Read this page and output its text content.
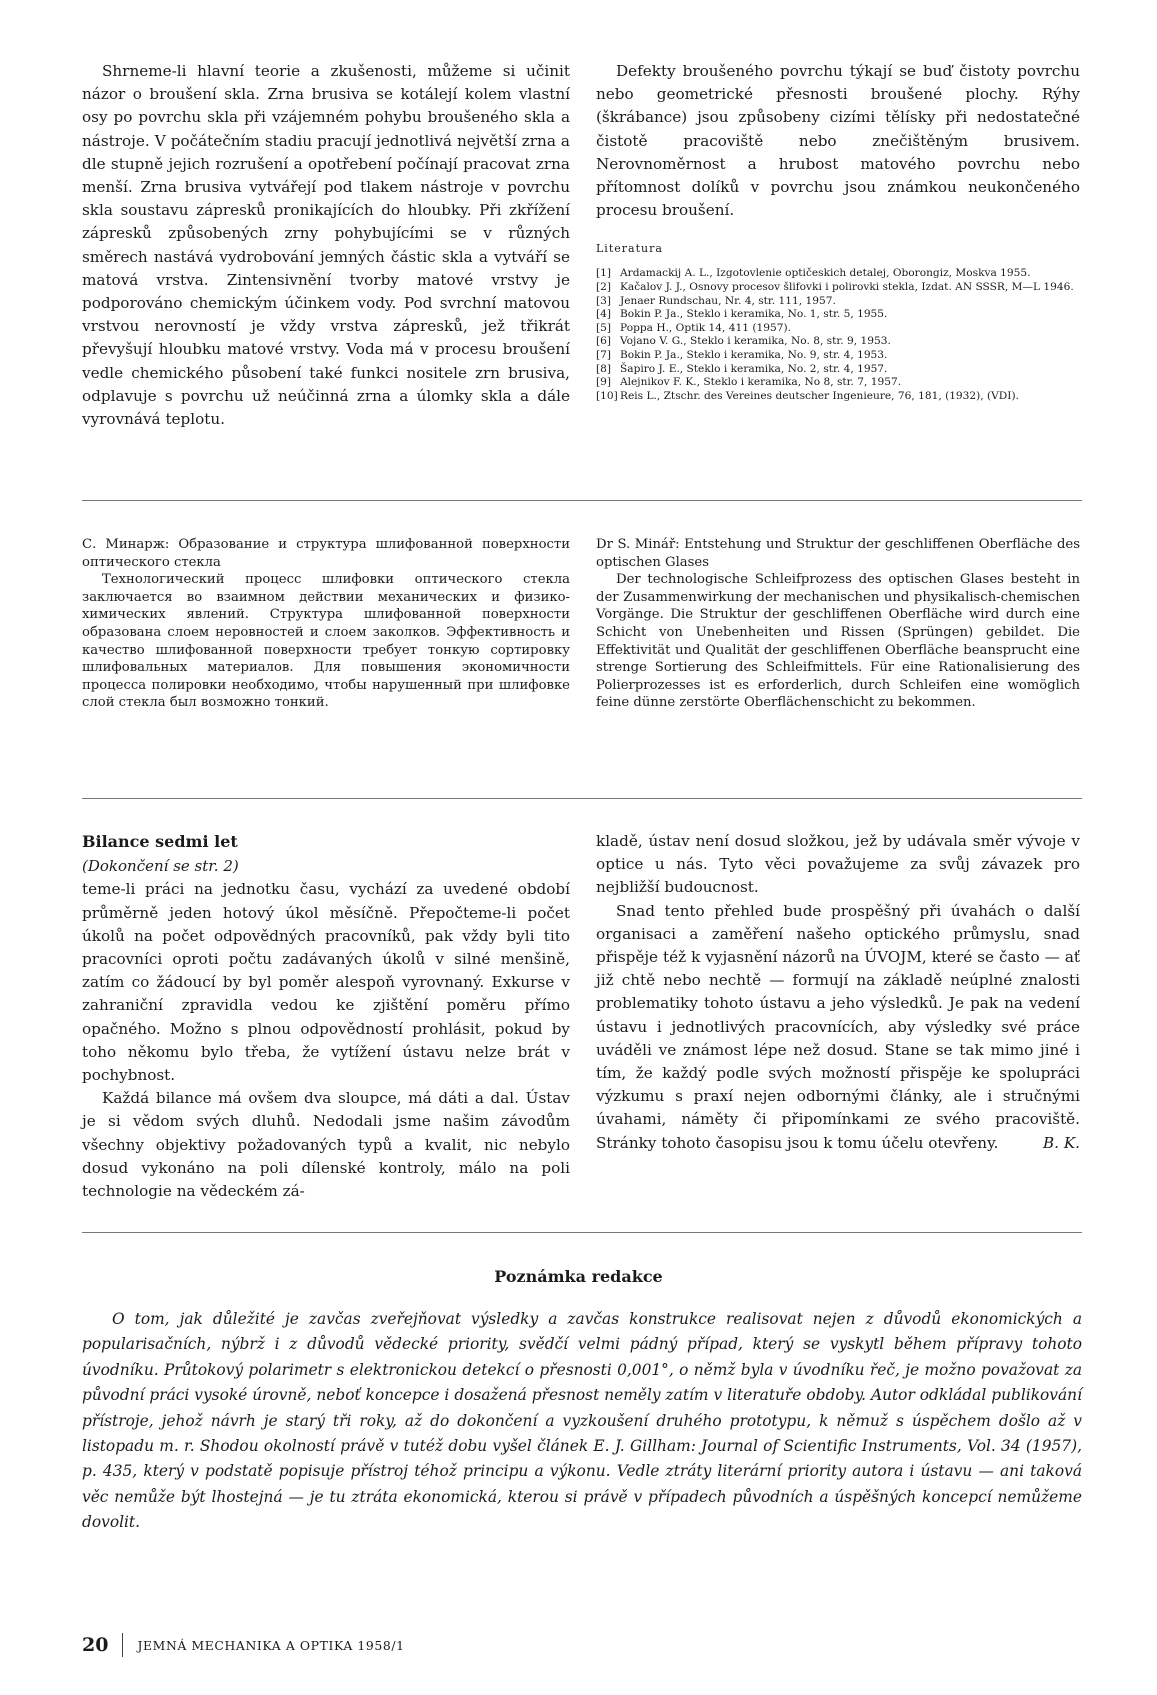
Shrneme-li hlavní teorie a zkušenosti, můžeme si učinit názor o broušení skla. Zrna brusiva se kotálejí kolem vlastní osy po povrchu skla při vzájemném pohybu broušeného skla a nástroje. V počátečním stadiu pracují jednotlivá největší zrna a dle stupně jejich rozrušení a opotřebení počínají pracovat zrna menší. Zrna brusiva vytvářejí pod tlakem nástroje v povrchu skla soustavu zápresků pronikajících do hloubky. Při zkřížení zápresků způsobených zrny pohybujícími se v různých směrech nastává vydrobování jemných částic skla a vytváří se matová vrstva. Zintensivnění tvorby matové vrstvy je podporováno chemickým účinkem vody. Pod svrchní matovou vrstvou nerovností je vždy vrstva zápresků, jež třikrát převyšují hloubku matové vrstvy. Voda má v procesu broušení vedle chemického působení také funkci nositele zrn brusiva, odplavuje s povrchu už neúčinná zrna a úlomky skla a dále vyrovnává teplotu.

Defekty broušeného povrchu týkají se buď čistoty povrchu nebo geometrické přesnosti broušené plochy. Rýhy (škrábance) jsou způsobeny cizími tělísky při nedostatečné čistotě pracoviště nebo znečištěným brusivem. Nerovnoměrnost a hrubost matového povrchu nebo přítomnost dolíků v povrchu jsou známkou neukončeného procesu broušení.

Literatura
[1] Ardamackij A. L., Izgotovlenie optičeskich detalej, Oborongiz, Moskva 1955.
[2] Kačalov J. J., Osnovy procesov šlifovki i polirovki stekla, Izdat. AN SSSR, M—L 1946.
[3] Jenaer Rundschau, Nr. 4, str. 111, 1957.
[4] Bokin P. Ja., Steklo i keramika, No. 1, str. 5, 1955.
[5] Poppa H., Optik 14, 411 (1957).
[6] Vojano V. G., Steklo i keramika, No. 8, str. 9, 1953.
[7] Bokin P. Ja., Steklo i keramika, No. 9, str. 4, 1953.
[8] Šapiro J. E., Steklo i keramika, No. 2, str. 4, 1957.
[9] Alejnikov F. K., Steklo i keramika, No 8, str. 7, 1957.
[10] Reis L., Ztschr. des Vereines deutscher Ingenieure, 76, 181, (1932), (VDI).

С. Минарж: Образование и структура шлифованной поверхности оптического стекла

Технологический процесс шлифовки оптического стекла заключается во взаимном действии механических и физико-химических явлений. Структура шлифованной поверхности образована слоем неровностей и слоем заколков. Эффективность и качество шлифованной поверхности требует тонкую сортировку шлифовальных материалов. Для повышения экономичности процесса полировки необходимо, чтобы нарушенный при шлифовке слой стекла был возможно тонкий.

Dr S. Minář: Entstehung und Struktur der geschliffenen Oberfläche des optischen Glases

Der technologische Schleifprozess des optischen Glases besteht in der Zusammenwirkung der mechanischen und physikalisch-chemischen Vorgänge. Die Struktur der geschliffenen Oberfläche wird durch eine Schicht von Unebenheiten und Rissen (Sprüngen) gebildet. Die Effektivität und Qualität der geschliffenen Oberfläche beansprucht eine strenge Sortierung des Schleifmittels. Für eine Rationalisierung des Polierprozesses ist es erforderlich, durch Schleifen eine womöglich feine dünne zerstörte Oberflächenschicht zu bekommen.

Bilance sedmi let

(Dokončení se str. 2)

teme-li práci na jednotku času, vychází za uvedené období průměrně jeden hotový úkol měsíčně. Přepočteme-li počet úkolů na počet odpovědných pracovníků, pak vždy byli tito pracovníci oproti počtu zadávaných úkolů v silné menšině, zatím co žádoucí by byl poměr alespoň vyrovnaný. Exkurse v zahraniční zpravidla vedou ke zjištění poměru přímo opačného. Možno s plnou odpovědností prohlásit, pokud by toho někomu bylo třeba, že vytížení ústavu nelze brát v pochybnost.

Každá bilance má ovšem dva sloupce, má dáti a dal. Ústav je si vědom svých dluhů. Nedodali jsme našim závodům všechny objektivy požadovaných typů a kvalit, nic nebylo dosud vykonáno na poli dílenské kontroly, málo na poli technologie na vědeckém zá-

kladě, ústav není dosud složkou, jež by udávala směr vývoje v optice u nás. Tyto věci považujeme za svůj závazek pro nejbližší budoucnost.

Snad tento přehled bude prospěšný při úvahách o další organisaci a zaměření našeho optického průmyslu, snad přispěje též k vyjasnění názorů na ÚVOJM, které se často — ať již chtě nebo nechtě — formují na základě neúplné znalosti problematiky tohoto ústavu a jeho výsledků. Je pak na vedení ústavu i jednotlivých pracovnících, aby výsledky své práce uváděli ve známost lépe než dosud. Stane se tak mimo jiné i tím, že každý podle svých možností přispěje ke spolupráci výzkumu s praxí nejen odbornými články, ale i stručnými úvahami, náměty či připomínkami ze svého pracoviště. Stránky tohoto časopisu jsou k tomu účelu otevřeny.	B. K.

Poznámka redakce

O tom, jak důležité je zavčas zveřejňovat výsledky a zavčas konstrukce realisovat nejen z důvodů ekonomických a popularisačních, nýbrž i z důvodů vědecké priority, svědčí velmi pádný případ, který se vyskytl během přípravy tohoto úvodníku. Průtokový polarimetr s elektronickou detekcí o přesnosti 0,001°, o němž byla v úvodníku řeč, je možno považovat za původní práci vysoké úrovně, neboť koncepce i dosažená přesnost neměly zatím v literatuře obdoby. Autor odkládal publikování přístroje, jehož návrh je starý tři roky, až do dokončení a vyzkoušení druhého prototypu, k němuž s úspěchem došlo až v listopadu m. r. Shodou okolností právě v tutéž dobu vyšel článek E. J. Gillham: Journal of Scientific Instruments, Vol. 34 (1957), p. 435, který v podstatě popisuje přístroj téhož principu a výkonu. Vedle ztráty literární priority autora i ústavu — ani taková věc nemůže být lhostejná — je tu ztráta ekonomická, kterou si právě v případech původních a úspěšných koncepcí nemůžeme dovolit.

20 JEMNÁ MECHANIKA A OPTIKA 1958/1
